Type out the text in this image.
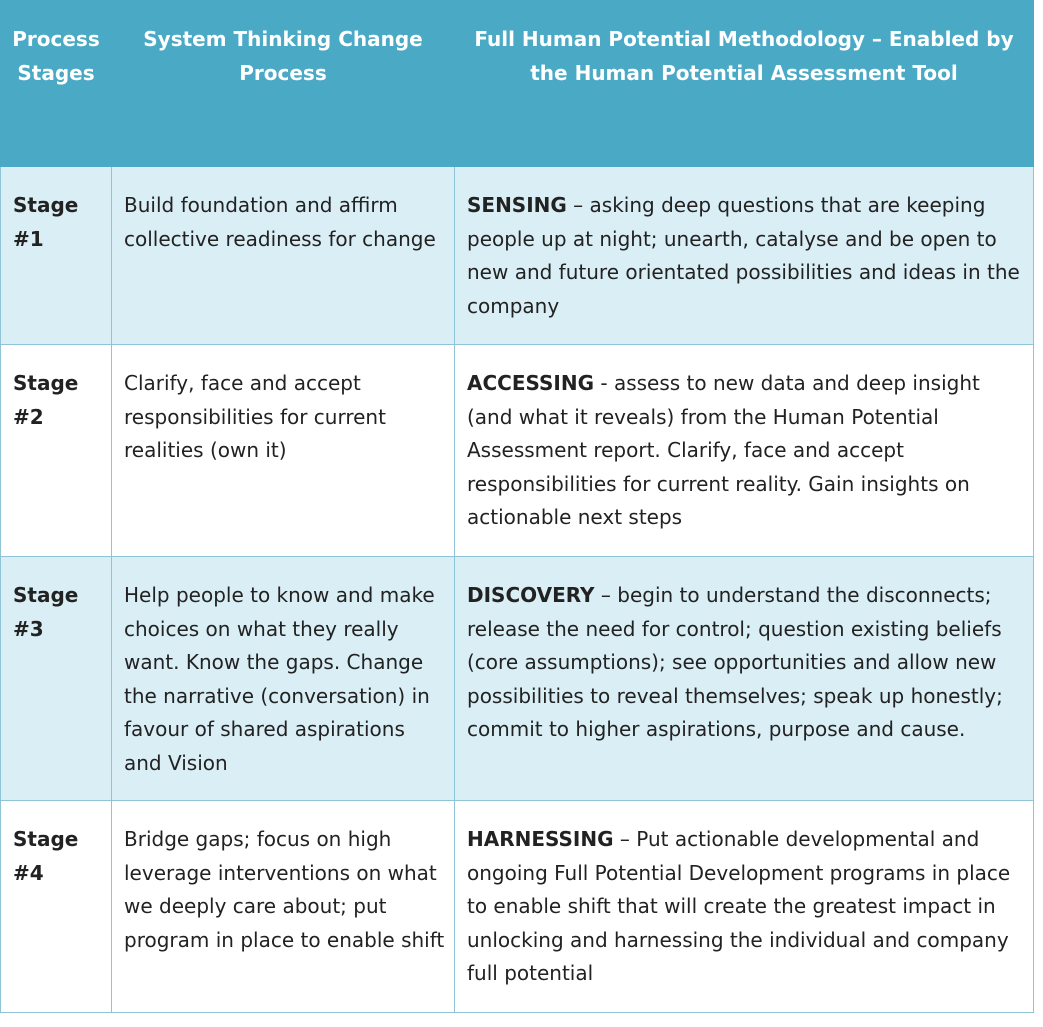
Process Stages	System Thinking Change Process	Full Human Potential Methodology – Enabled by the Human Potential Assessment Tool
Stage #1	Build foundation and affirm collective readiness for change	SENSING – asking deep questions that are keeping people up at night; unearth, catalyse and be open to new and future orientated possibilities and ideas in the company
Stage #2	Clarify, face and accept responsibilities for current realities (own it)	ACCESSING - assess to new data and deep insight (and what it reveals) from the Human Potential Assessment report. Clarify, face and accept responsibilities for current reality. Gain insights on actionable next steps
Stage #3	Help people to know and make choices on what they really want. Know the gaps. Change the narrative (conversation) in favour of shared aspirations and Vision	DISCOVERY – begin to understand the disconnects; release the need for control; question existing beliefs (core assumptions); see opportunities and allow new possibilities to reveal themselves; speak up honestly; commit to higher aspirations, purpose and cause.
Stage #4	Bridge gaps; focus on high leverage interventions on what we deeply care about; put program in place to enable shift	HARNESSING – Put actionable developmental and ongoing Full Potential Development programs in place to enable shift that will create the greatest impact in unlocking and harnessing the individual and company full potential
